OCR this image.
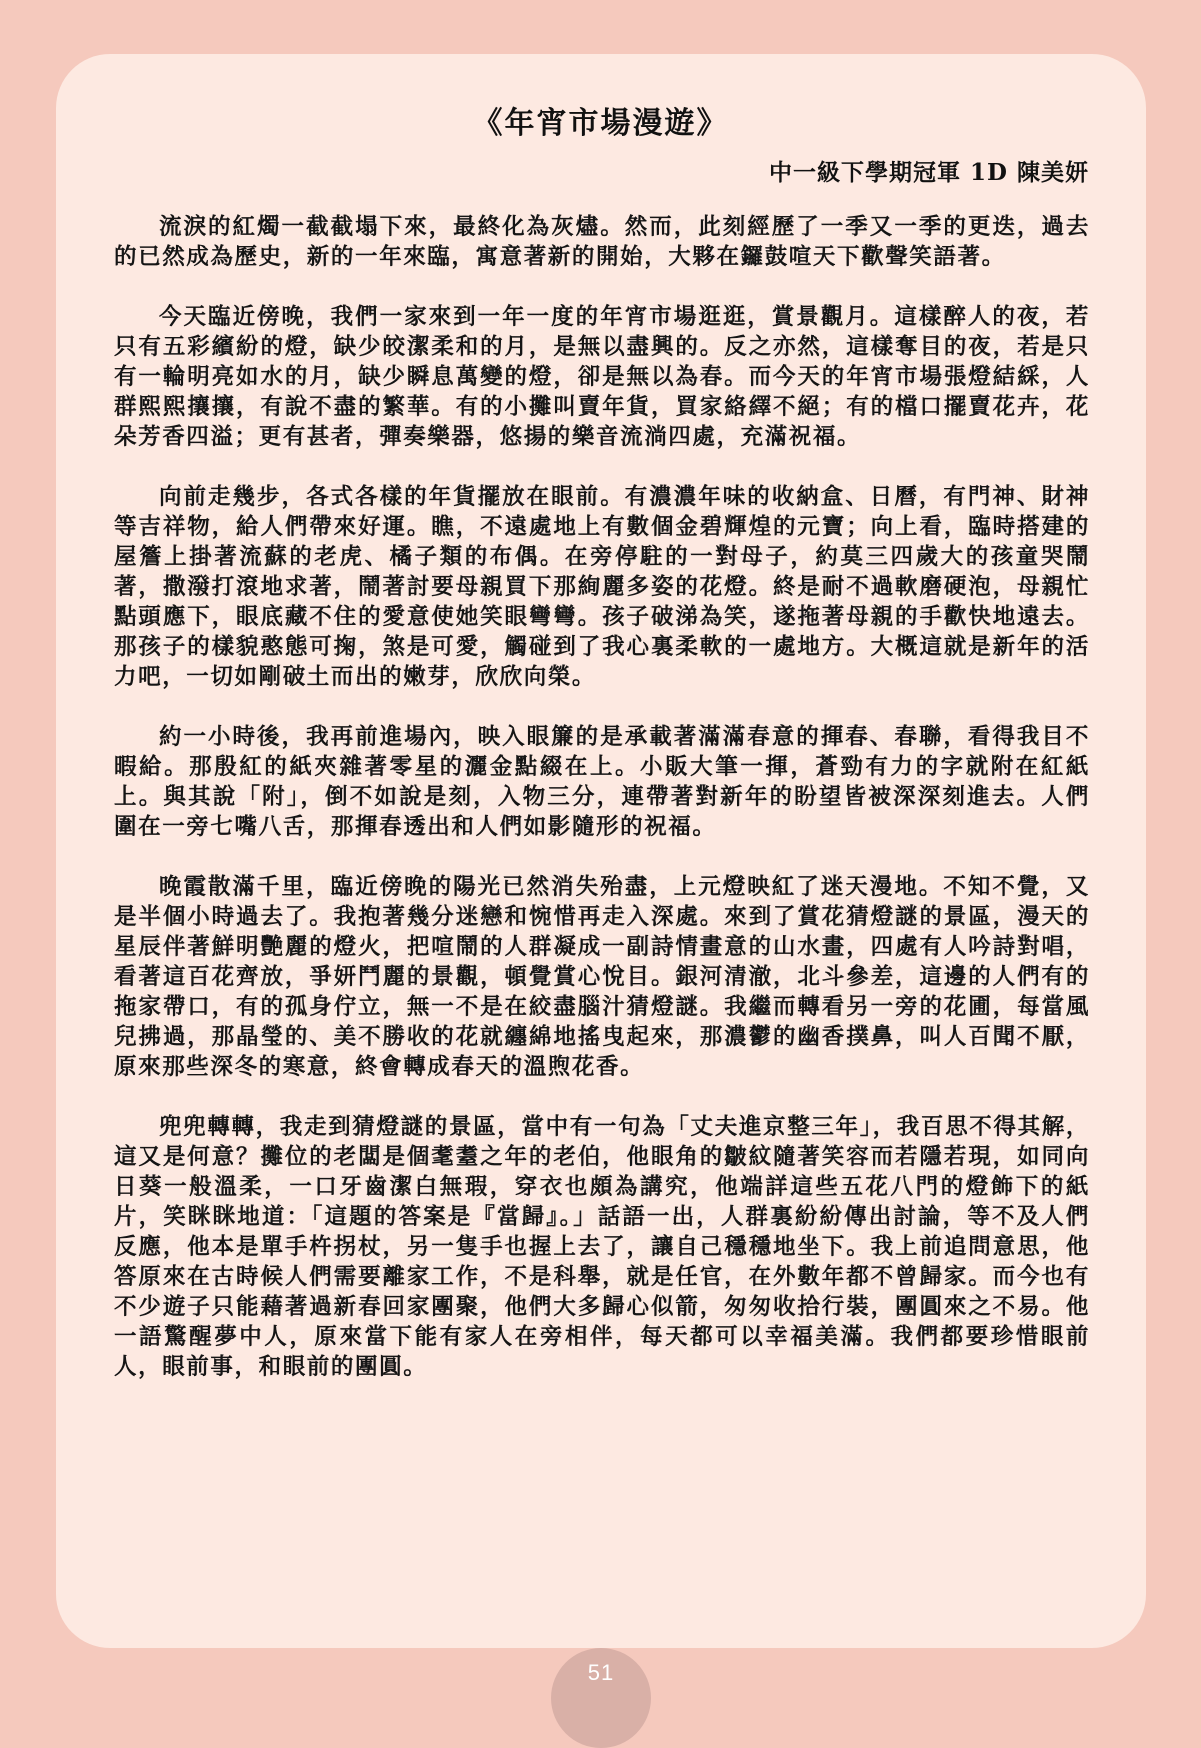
《年宵市場漫遊》
中一級下學期冠軍 1D 陳美妍

流淚的紅燭一截截塌下來，最終化為灰燼。然而，此刻經歷了一季又一季的更迭，過去的已然成為歷史，新的一年來臨，寓意著新的開始，大夥在鑼鼓喧天下歡聲笑語著。

今天臨近傍晚，我們一家來到一年一度的年宵市場逛逛，賞景觀月。這樣醉人的夜，若只有五彩繽紛的燈，缺少皎潔柔和的月，是無以盡興的。反之亦然，這樣奪目的夜，若是只有一輪明亮如水的月，缺少瞬息萬變的燈，卻是無以為春。而今天的年宵市場張燈結綵，人群熙熙攘攘，有說不盡的繁華。有的小攤叫賣年貨，買家絡繹不絕；有的檔口擺賣花卉，花朵芳香四溢；更有甚者，彈奏樂器，悠揚的樂音流淌四處，充滿祝福。

向前走幾步，各式各樣的年貨擺放在眼前。有濃濃年味的收納盒、日曆，有門神、財神等吉祥物，給人們帶來好運。瞧，不遠處地上有數個金碧輝煌的元寶；向上看，臨時搭建的屋簷上掛著流蘇的老虎、橘子類的布偶。在旁停駐的一對母子，約莫三四歲大的孩童哭鬧著，撒潑打滾地求著，鬧著討要母親買下那絢麗多姿的花燈。終是耐不過軟磨硬泡，母親忙點頭應下，眼底藏不住的愛意使她笑眼彎彎。孩子破涕為笑，遂拖著母親的手歡快地遠去。那孩子的樣貌憨態可掬，煞是可愛，觸碰到了我心裏柔軟的一處地方。大概這就是新年的活力吧，一切如剛破土而出的嫩芽，欣欣向榮。

約一小時後，我再前進場內，映入眼簾的是承載著滿滿春意的揮春、春聯，看得我目不暇給。那殷紅的紙夾雜著零星的灑金點綴在上。小販大筆一揮，蒼勁有力的字就附在紅紙上。與其說「附」，倒不如說是刻，入物三分，連帶著對新年的盼望皆被深深刻進去。人們圍在一旁七嘴八舌，那揮春透出和人們如影隨形的祝福。

晚霞散滿千里，臨近傍晚的陽光已然消失殆盡，上元燈映紅了迷天漫地。不知不覺，又是半個小時過去了。我抱著幾分迷戀和惋惜再走入深處。來到了賞花猜燈謎的景區，漫天的星辰伴著鮮明艷麗的燈火，把喧鬧的人群凝成一副詩情畫意的山水畫，四處有人吟詩對唱，看著這百花齊放，爭妍鬥麗的景觀，頓覺賞心悅目。銀河清澈，北斗參差，這邊的人們有的拖家帶口，有的孤身佇立，無一不是在絞盡腦汁猜燈謎。我繼而轉看另一旁的花圃，每當風兒拂過，那晶瑩的、美不勝收的花就纏綿地搖曳起來，那濃鬱的幽香撲鼻，叫人百聞不厭，原來那些深冬的寒意，終會轉成春天的溫煦花香。

兜兜轉轉，我走到猜燈謎的景區，當中有一句為「丈夫進京整三年」，我百思不得其解，這又是何意？攤位的老闆是個耄耋之年的老伯，他眼角的皺紋隨著笑容而若隱若現，如同向日葵一般溫柔，一口牙齒潔白無瑕，穿衣也頗為講究，他端詳這些五花八門的燈飾下的紙片，笑眯眯地道：「這題的答案是『當歸』。」話語一出，人群裏紛紛傳出討論，等不及人們反應，他本是單手杵拐杖，另一隻手也握上去了，讓自己穩穩地坐下。我上前追問意思，他答原來在古時候人們需要離家工作，不是科舉，就是任官，在外數年都不曾歸家。而今也有不少遊子只能藉著過新春回家團聚，他們大多歸心似箭，匆匆收拾行裝，團圓來之不易。他一語驚醒夢中人，原來當下能有家人在旁相伴，每天都可以幸福美滿。我們都要珍惜眼前人，眼前事，和眼前的團圓。

51
